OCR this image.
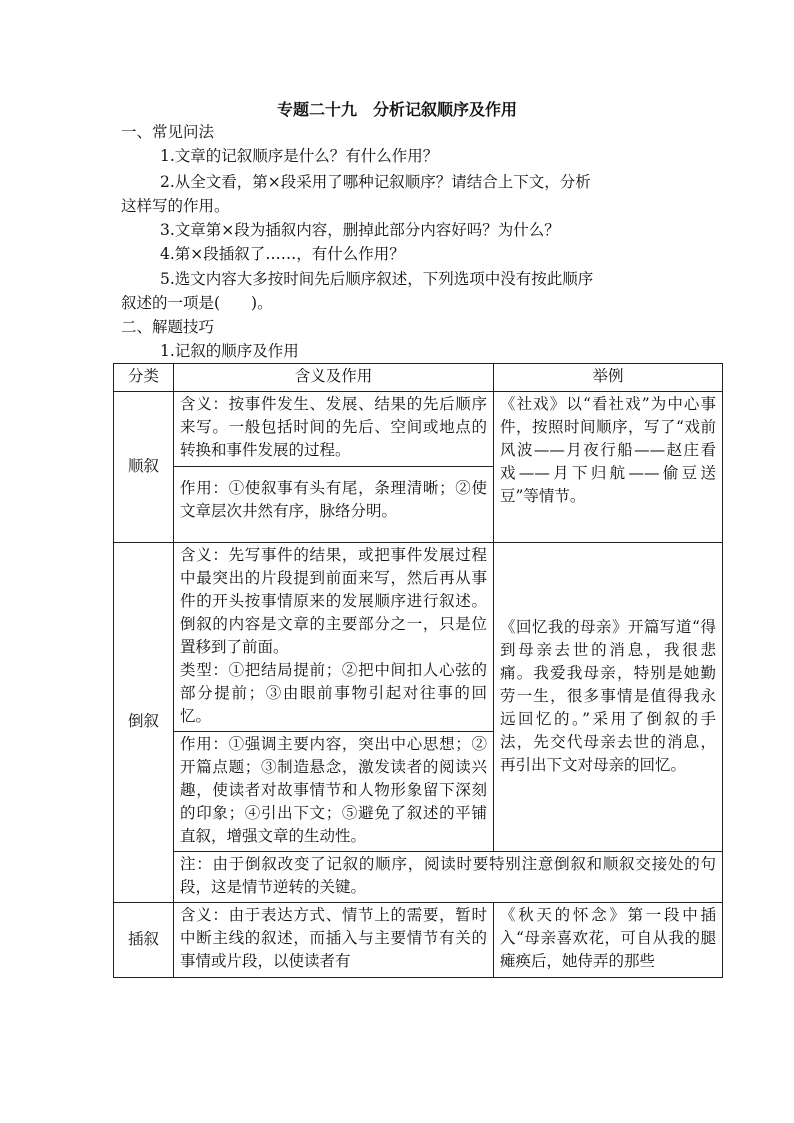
专题二十九　分析记叙顺序及作用
一、常见问法
1.文章的记叙顺序是什么？有什么作用？
2.从全文看，第×段采用了哪种记叙顺序？请结合上下文，分析
这样写的作用。
3.文章第×段为插叙内容，删掉此部分内容好吗？为什么？
4.第×段插叙了……，有什么作用？
5.选文内容大多按时间先后顺序叙述，下列选项中没有按此顺序
叙述的一项是(　　)。
二、解题技巧
1.记叙的顺序及作用
分类	含义及作用	举例
顺叙	含义：按事件发生、发展、结果的先后顺序来写。一般包括时间的先后、空间或地点的转换和事件发展的过程。	《社戏》以“看社戏”为中心事件，按照时间顺序，写了“戏前风波——月夜行船——赵庄看戏——月下归航——偷豆送豆”等情节。
	作用：①使叙事有头有尾，条理清晰；②使文章层次井然有序，脉络分明。	
倒叙	含义：先写事件的结果，或把事件发展过程中最突出的片段提到前面来写，然后再从事件的开头按事情原来的发展顺序进行叙述。倒叙的内容是文章的主要部分之一，只是位置移到了前面。
类型：①把结局提前；②把中间扣人心弦的部分提前；③由眼前事物引起对往事的回忆。	《回忆我的母亲》开篇写道“得到母亲去世的消息，我很悲痛。我爱我母亲，特别是她勤劳一生，很多事情是值得我永远回忆的。”采用了倒叙的手法，先交代母亲去世的消息，再引出下文对母亲的回忆。
	作用：①强调主要内容，突出中心思想；②开篇点题；③制造悬念，激发读者的阅读兴趣，使读者对故事情节和人物形象留下深刻的印象；④引出下文；⑤避免了叙述的平铺直叙，增强文章的生动性。	
	注：由于倒叙改变了记叙的顺序，阅读时要特别注意倒叙和顺叙交接处的句段，这是情节逆转的关键。	
插叙	含义：由于表达方式、情节上的需要，暂时中断主线的叙述，而插入与主要情节有关的事情或片段，以使读者有	《秋天的怀念》第一段中插入“母亲喜欢花，可自从我的腿瘫痪后，她侍弄的那些
